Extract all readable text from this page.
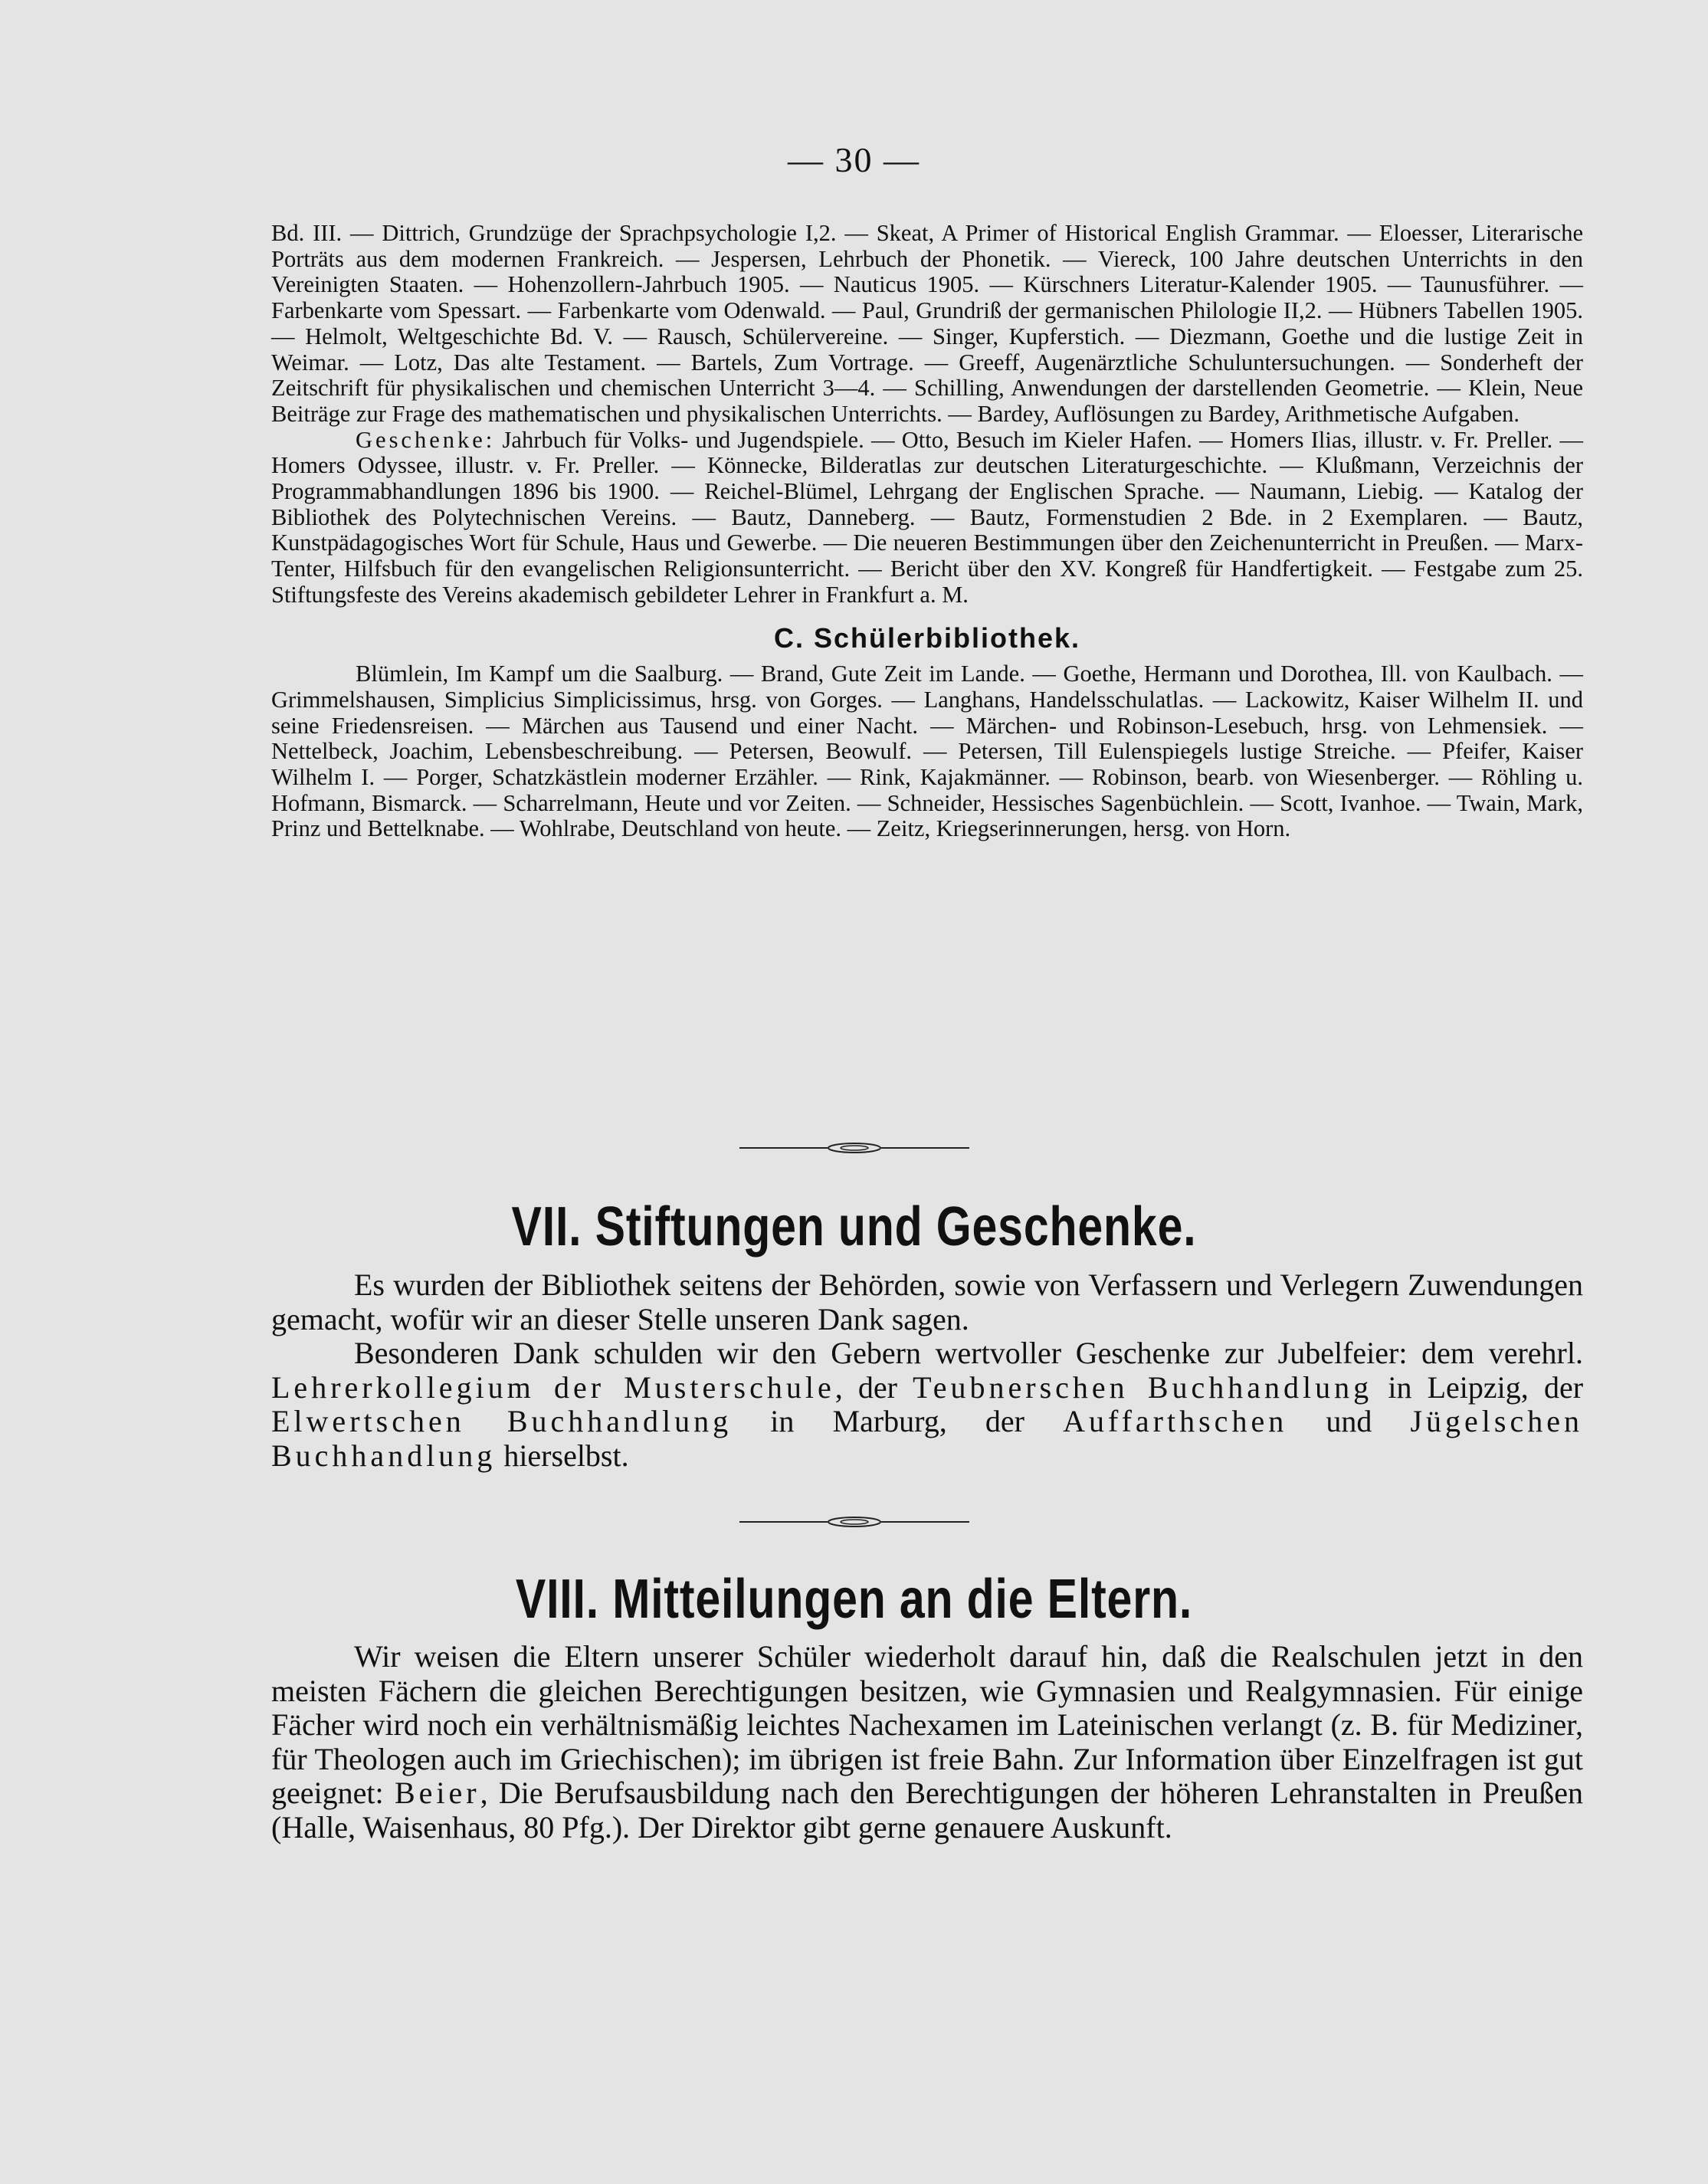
— 30 —

Bd. III. — Dittrich, Grundzüge der Sprachpsychologie I,2. — Skeat, A Primer of Historical English Grammar. — Eloesser, Literarische Porträts aus dem modernen Frankreich. — Jespersen, Lehrbuch der Phonetik. — Viereck, 100 Jahre deutschen Unterrichts in den Vereinigten Staaten. — Hohenzollern-Jahrbuch 1905. — Nauticus 1905. — Kürschners Literatur-Kalender 1905. — Taunusführer. — Farbenkarte vom Spessart. — Farbenkarte vom Odenwald. — Paul, Grundriß der germanischen Philologie II,2. — Hübners Tabellen 1905. — Helmolt, Weltgeschichte Bd. V. — Rausch, Schülervereine. — Singer, Kupferstich. — Diezmann, Goethe und die lustige Zeit in Weimar. — Lotz, Das alte Testament. — Bartels, Zum Vortrage. — Greeff, Augenärztliche Schuluntersuchungen. — Sonderheft der Zeitschrift für physikalischen und chemischen Unterricht 3—4. — Schilling, Anwendungen der darstellenden Geometrie. — Klein, Neue Beiträge zur Frage des mathematischen und physikalischen Unterrichts. — Bardey, Auflösungen zu Bardey, Arithmetische Aufgaben.

Geschenke: Jahrbuch für Volks- und Jugendspiele. — Otto, Besuch im Kieler Hafen. — Homers Ilias, illustr. v. Fr. Preller. — Homers Odyssee, illustr. v. Fr. Preller. — Könnecke, Bilderatlas zur deutschen Literaturgeschichte. — Klußmann, Verzeichnis der Programmabhandlungen 1896 bis 1900. — Reichel-Blümel, Lehrgang der Englischen Sprache. — Naumann, Liebig. — Katalog der Bibliothek des Polytechnischen Vereins. — Bautz, Danneberg. — Bautz, Formenstudien 2 Bde. in 2 Exemplaren. — Bautz, Kunstpädagogisches Wort für Schule, Haus und Gewerbe. — Die neueren Bestimmungen über den Zeichenunterricht in Preußen. — Marx-Tenter, Hilfsbuch für den evangelischen Religionsunterricht. — Bericht über den XV. Kongreß für Handfertigkeit. — Festgabe zum 25. Stiftungsfeste des Vereins akademisch gebildeter Lehrer in Frankfurt a. M.

C. Schülerbibliothek.

Blümlein, Im Kampf um die Saalburg. — Brand, Gute Zeit im Lande. — Goethe, Hermann und Dorothea, Ill. von Kaulbach. — Grimmelshausen, Simplicius Simplicissimus, hrsg. von Gorges. — Langhans, Handelsschulatlas. — Lackowitz, Kaiser Wilhelm II. und seine Friedensreisen. — Märchen aus Tausend und einer Nacht. — Märchen- und Robinson-Lesebuch, hrsg. von Lehmensiek. — Nettelbeck, Joachim, Lebensbeschreibung. — Petersen, Beowulf. — Petersen, Till Eulenspiegels lustige Streiche. — Pfeifer, Kaiser Wilhelm I. — Porger, Schatzkästlein moderner Erzähler. — Rink, Kajakmänner. — Robinson, bearb. von Wiesenberger. — Röhling u. Hofmann, Bismarck. — Scharrelmann, Heute und vor Zeiten. — Schneider, Hessisches Sagenbüchlein. — Scott, Ivanhoe. — Twain, Mark, Prinz und Bettelknabe. — Wohlrabe, Deutschland von heute. — Zeitz, Kriegserinnerungen, hersg. von Horn.

VII. Stiftungen und Geschenke.

Es wurden der Bibliothek seitens der Behörden, sowie von Verfassern und Verlegern Zuwendungen gemacht, wofür wir an dieser Stelle unseren Dank sagen.

Besonderen Dank schulden wir den Gebern wertvoller Geschenke zur Jubelfeier: dem verehrl. Lehrerkollegium der Musterschule, der Teubnerschen Buchhandlung in Leipzig, der Elwertschen Buchhandlung in Marburg, der Auffarthschen und Jügelschen Buchhandlung hierselbst.

VIII. Mitteilungen an die Eltern.

Wir weisen die Eltern unserer Schüler wiederholt darauf hin, daß die Realschulen jetzt in den meisten Fächern die gleichen Berechtigungen besitzen, wie Gymnasien und Realgymnasien. Für einige Fächer wird noch ein verhältnismäßig leichtes Nachexamen im Lateinischen verlangt (z. B. für Mediziner, für Theologen auch im Griechischen); im übrigen ist freie Bahn. Zur Information über Einzelfragen ist gut geeignet: Beier, Die Berufsausbildung nach den Berechtigungen der höheren Lehranstalten in Preußen (Halle, Waisenhaus, 80 Pfg.). Der Direktor gibt gerne genauere Auskunft.
